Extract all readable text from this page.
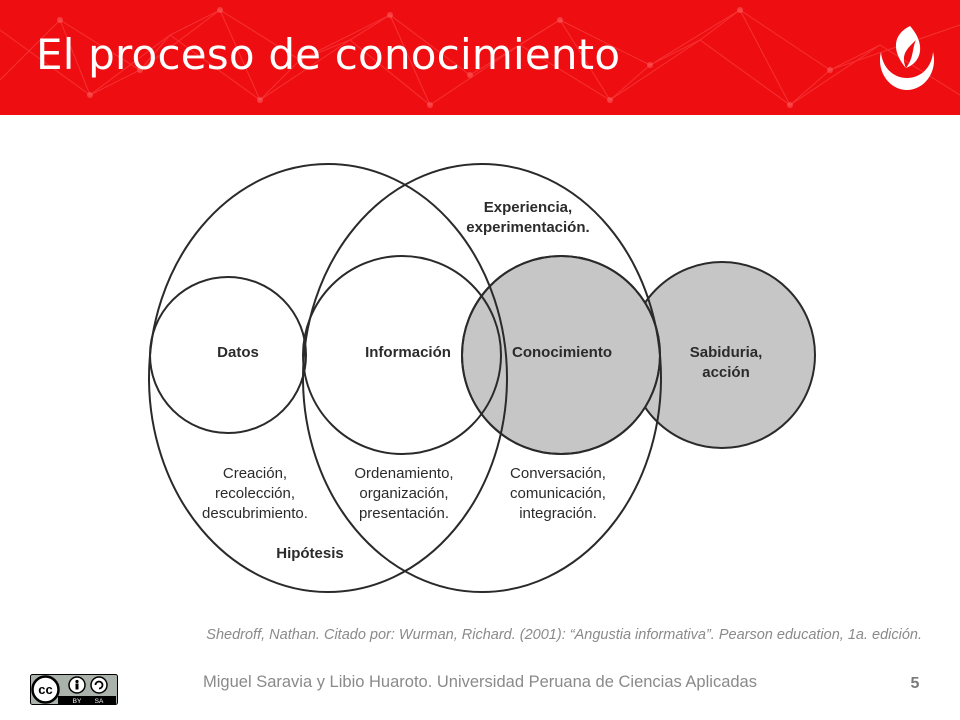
El proceso de conocimiento
Experiencia,
experimentación.
Datos	Información	Conocimiento	Sabiduria,
acción
Creación,
recolección,
descubrimiento.
Ordenamiento,
organización,
presentación.
Conversación,
comunicación,
integración.
Hipótesis
Shedroff, Nathan. Citado por: Wurman, Richard. (2001): “Angustia informativa”. Pearson education, 1a. edición.
cc
BY SA
Miguel Saravia y Libio Huaroto. Universidad Peruana de Ciencias Aplicadas	5
